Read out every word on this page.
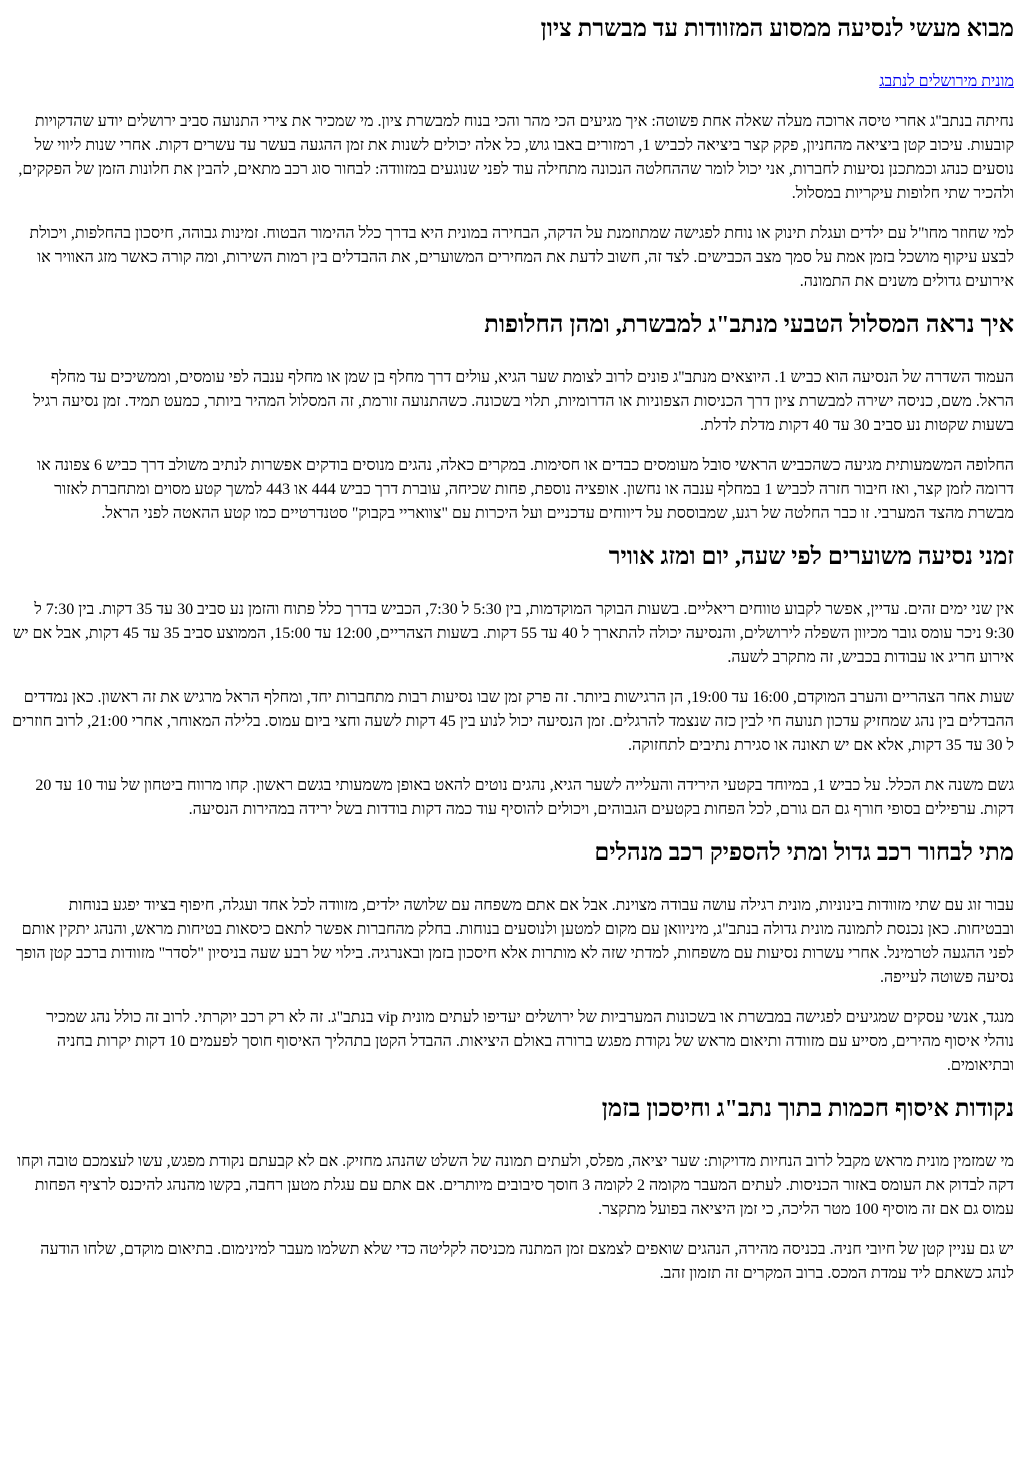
מבוא מעשי לנסיעה ממסוע המזוודות עד מבשרת ציון
מונית מירושלים לנתבג

נחיתה בנתב"ג אחרי טיסה ארוכה מעלה שאלה אחת פשוטה: איך מגיעים הכי מהר והכי בנוח למבשרת ציון. מי שמכיר את צירי התנועה סביב ירושלים יודע שהדקויות קובעות. עיכוב קטן ביציאה מהחניון, פקק קצר ביציאה לכביש 1, רמזורים באבו גוש, כל אלה יכולים לשנות את זמן ההגעה בעשר עד עשרים דקות. אחרי שנות ליווי של נוסעים כנהג וכמתכנן נסיעות לחברות, אני יכול לומר שההחלטה הנכונה מתחילה עוד לפני שנוגעים במזוודה: לבחור סוג רכב מתאים, להבין את חלונות הזמן של הפקקים, ולהכיר שתי חלופות עיקריות במסלול.

למי שחוזר מחו"ל עם ילדים ועגלת תינוק או נוחת לפגישה שמתוזמנת על הדקה, הבחירה במונית היא בדרך כלל ההימור הבטוח. זמינות גבוהה, חיסכון בהחלפות, ויכולת לבצע עיקוף מושכל בזמן אמת על סמך מצב הכבישים. לצד זה, חשוב לדעת את המחירים המשוערים, את ההבדלים בין רמות השירות, ומה קורה כאשר מזג האוויר או אירועים גדולים משנים את התמונה.

איך נראה המסלול הטבעי מנתב"ג למבשרת, ומהן החלופות

העמוד השדרה של הנסיעה הוא כביש 1. היוצאים מנתב"ג פונים לרוב לצומת שער הגיא, עולים דרך מחלף בן שמן או מחלף ענבה לפי עומסים, וממשיכים עד מחלף הראל. משם, כניסה ישירה למבשרת ציון דרך הכניסות הצפוניות או הדרומיות, תלוי בשכונה. כשהתנועה זורמת, זה המסלול המהיר ביותר, כמעט תמיד. זמן נסיעה רגיל בשעות שקטות נע סביב 30 עד 40 דקות מדלת לדלת.

החלופה המשמעותית מגיעה כשהכביש הראשי סובל מעומסים כבדים או חסימות. במקרים כאלה, נהגים מנוסים בודקים אפשרות לנתיב משולב דרך כביש 6 צפונה או דרומה לזמן קצר, ואז חיבור חזרה לכביש 1 במחלף ענבה או נחשון. אופציה נוספת, פחות שכיחה, עוברת דרך כביש 444 או 443 למשך קטע מסוים ומתחברת לאזור מבשרת מהצד המערבי. זו כבר החלטה של רגע, שמבוססת על דיווחים עדכניים ועל היכרות עם "צוואריי בקבוק" סטנדרטיים כמו קטע ההאטה לפני הראל.

זמני נסיעה משוערים לפי שעה, יום ומזג אוויר

אין שני ימים זהים. עדיין, אפשר לקבוע טווחים ריאליים. בשעות הבוקר המוקדמות, בין 5:30 ל 7:30, הכביש בדרך כלל פתוח והזמן נע סביב 30 עד 35 דקות. בין 7:30 ל 9:30 ניכר עומס גובר מכיוון השפלה לירושלים, והנסיעה יכולה להתארך ל 40 עד 55 דקות. בשעות הצהריים, 12:00 עד 15:00, הממוצע סביב 35 עד 45 דקות, אבל אם יש אירוע חריג או עבודות בכביש, זה מתקרב לשעה.

שעות אחר הצהריים והערב המוקדם, 16:00 עד 19:00, הן הרגישות ביותר. זה פרק זמן שבו נסיעות רבות מתחברות יחד, ומחלף הראל מרגיש את זה ראשון. כאן נמדדים ההבדלים בין נהג שמחזיק עדכון תנועה חי לבין כזה שנצמד להרגלים. זמן הנסיעה יכול לנוע בין 45 דקות לשעה וחצי ביום עמוס. בלילה המאוחר, אחרי 21:00, לרוב חוזרים ל 30 עד 35 דקות, אלא אם יש תאונה או סגירת נתיבים לתחזוקה.

גשם משנה את הכלל. על כביש 1, במיוחד בקטעי הירידה והעלייה לשער הגיא, נהגים נוטים להאט באופן משמעותי בגשם ראשון. קחו מרווח ביטחון של עוד 10 עד 20 דקות. ערפילים בסופי חורף גם הם גורם, לכל הפחות בקטעים הגבוהים, ויכולים להוסיף עוד כמה דקות בודדות בשל ירידה במהירות הנסיעה.

מתי לבחור רכב גדול ומתי להספיק רכב מנהלים

עבור זוג עם שתי מזוודות בינוניות, מונית רגילה עושה עבודה מצוינת. אבל אם אתם משפחה עם שלושה ילדים, מזוודה לכל אחד ועגלה, חיפוף בציוד יפגע בנוחות ובבטיחות. כאן נכנסת לתמונה מונית גדולה בנתב"ג, מיניוואן עם מקום למטען ולנוסעים בנוחות. בחלק מהחברות אפשר לתאם כיסאות בטיחות מראש, והנהג יתקין אותם לפני ההגעה לטרמינל. אחרי עשרות נסיעות עם משפחות, למדתי שזה לא מותרות אלא חיסכון בזמן ובאנרגיה. בילוי של רבע שעה בניסיון "לסדר" מזוודות ברכב קטן הופך נסיעה פשוטה לעייפה.

מנגד, אנשי עסקים שמגיעים לפגישה במבשרת או בשכונות המערביות של ירושלים יעדיפו לעתים מונית vip בנתב"ג. זה לא רק רכב יוקרתי. לרוב זה כולל נהג שמכיר נוהלי איסוף מהירים, מסייע עם מזוודה ותיאום מראש של נקודת מפגש ברורה באולם היציאות. ההבדל הקטן בתהליך האיסוף חוסך לפעמים 10 דקות יקרות בחניה ובתיאומים.

נקודות איסוף חכמות בתוך נתב"ג וחיסכון בזמן

מי שמזמין מונית מראש מקבל לרוב הנחיות מדויקות: שער יציאה, מפלס, ולעתים תמונה של השלט שהנהג מחזיק. אם לא קבעתם נקודת מפגש, עשו לעצמכם טובה וקחו דקה לבדוק את העומס באזור הכניסות. לעתים המעבר מקומה 2 לקומה 3 חוסך סיבובים מיותרים. אם אתם עם עגלת מטען רחבה, בקשו מהנהג להיכנס לרציף הפחות עמוס גם אם זה מוסיף 100 מטר הליכה, כי זמן היציאה בפועל מתקצר.

יש גם עניין קטן של חיובי חניה. בכניסה מהירה, הנהגים שואפים לצמצם זמן המתנה מכניסה לקליטה כדי שלא תשלמו מעבר למינימום. בתיאום מוקדם, שלחו הודעה לנהג כשאתם ליד עמדת המכס. ברוב המקרים זה תזמון זהב.
